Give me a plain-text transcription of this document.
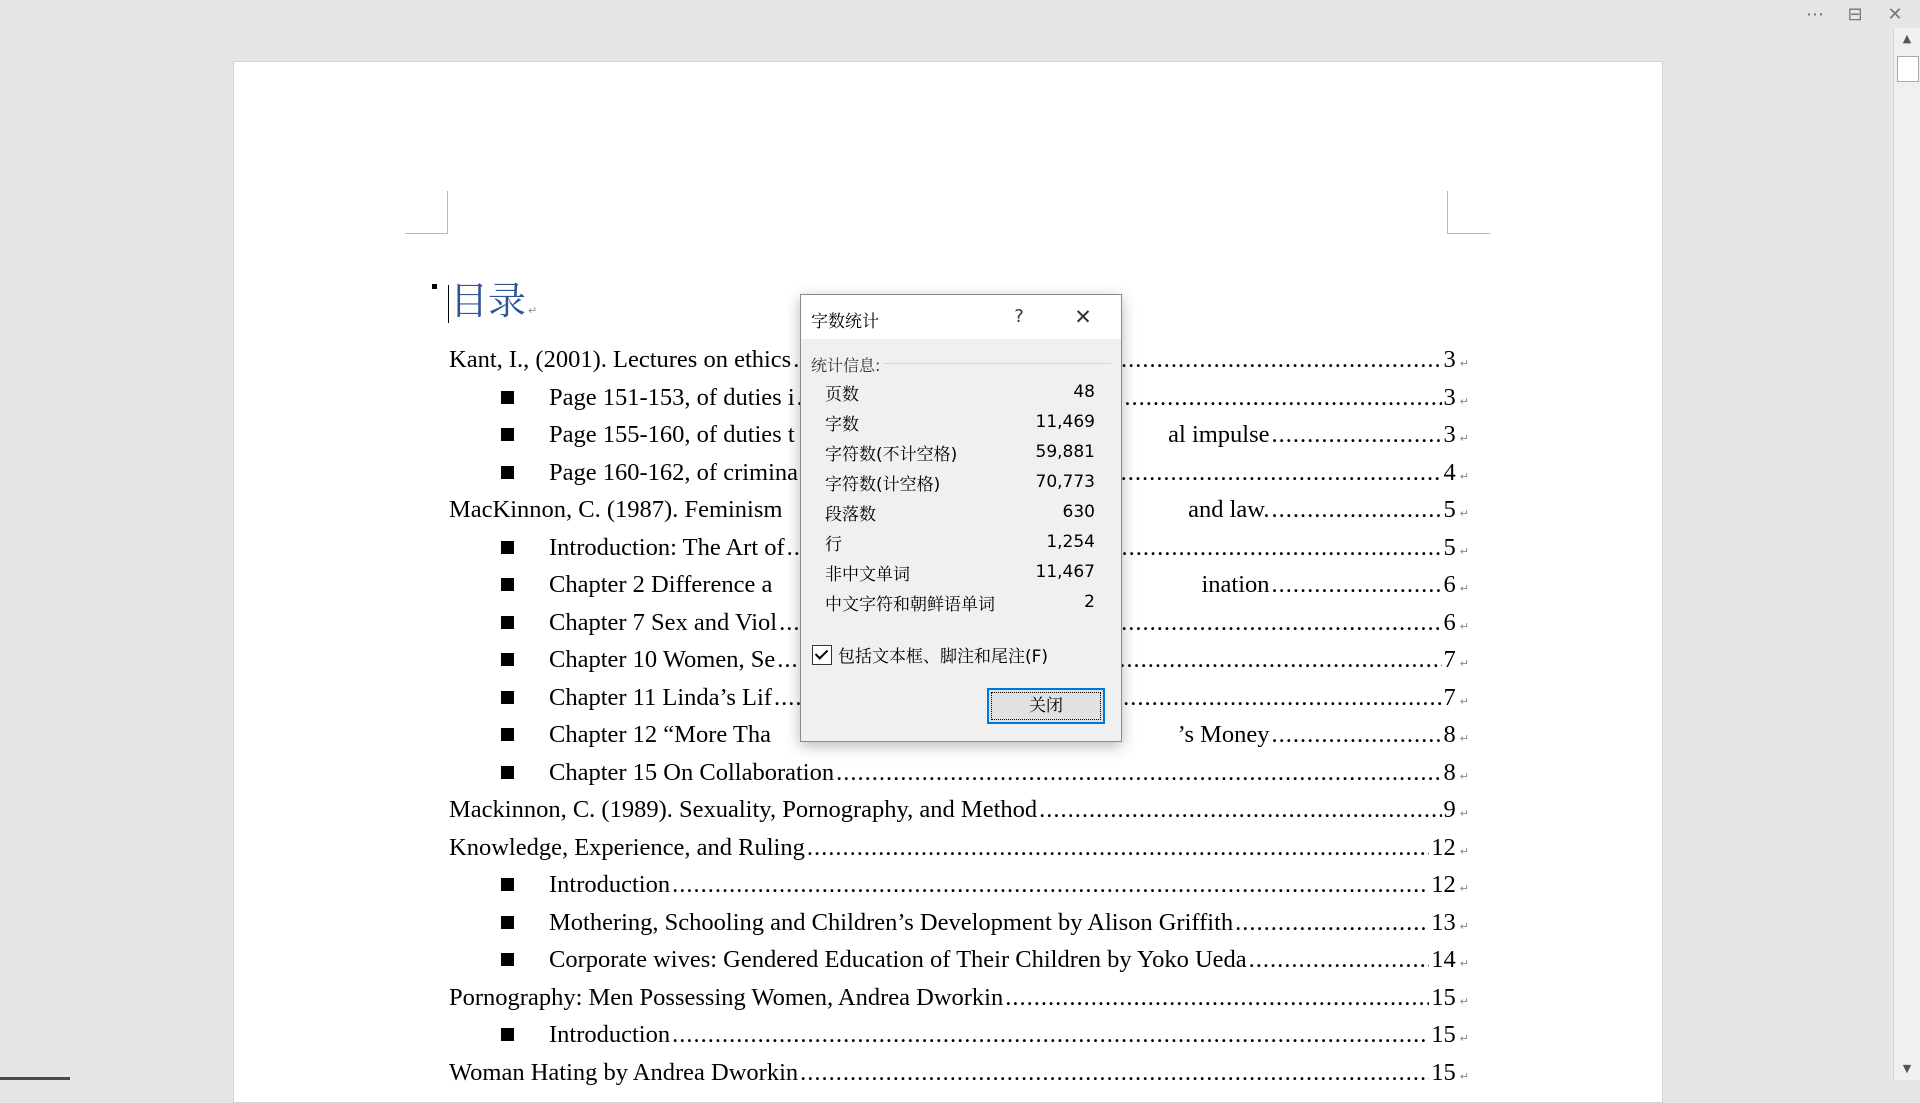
⋯	⊟	✕
目录 ↵
Kant, I., (2001). Lectures on ethics .....	3 ↵
Page 151-153, of duties i .....	3 ↵
Page 155-160, of duties t	al impulse .....	3 ↵
Page 160-162, of crimina .....	4 ↵
MacKinnon, C. (1987). Feminism	and law. .....	5 ↵
Introduction: The Art of .....	5 ↵
Chapter 2 Difference a	ination .....	6 ↵
Chapter 7 Sex and Viol .....	6 ↵
Chapter 10 Women, Se .....	7 ↵
Chapter 11 Linda’s Lif .....	7 ↵
Chapter 12 “More Tha	’s Money .....	8 ↵
Chapter 15 On Collaboration .....	8 ↵
Mackinnon, C. (1989). Sexuality, Pornography, and Method .....	9 ↵
Knowledge, Experience, and Ruling .....	12 ↵
Introduction .....	12 ↵
Mothering, Schooling and Children’s Development by Alison Griffith .....	13 ↵
Corporate wives: Gendered Education of Their Children by Yoko Ueda .....	14 ↵
Pornography: Men Possessing Women, Andrea Dworkin .....	15 ↵
Introduction .....	15 ↵
Woman Hating by Andrea Dworkin .....	15 ↵
▲
▼
字数统计	?	✕
统计信息:
页数	48
字数	11,469
字符数(不计空格)	59,881
字符数(计空格)	70,773
段落数	630
行	1,254
非中文单词	11,467
中文字符和朝鲜语单词	2
包括文本框、脚注和尾注(F)
关闭
